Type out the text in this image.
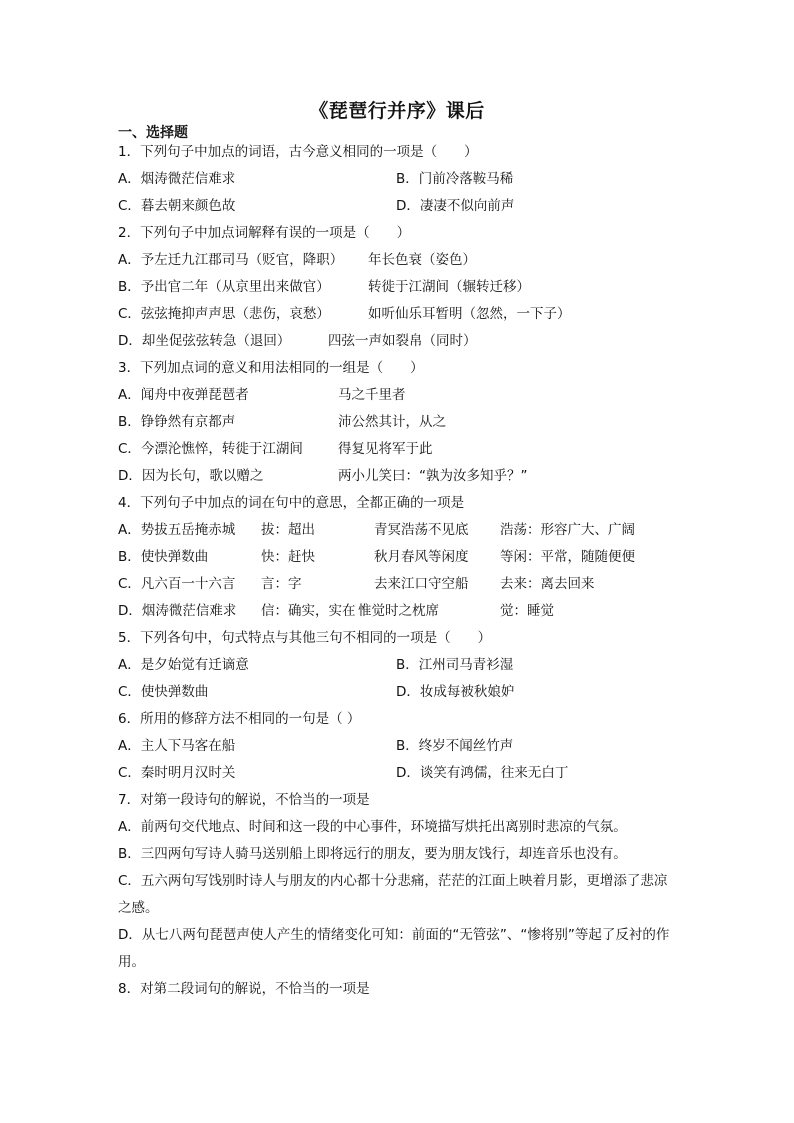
《琵琶行并序》课后
一、选择题
1．下列句子中加点的词语，古今意义相同的一项是（　　）
A．烟涛微茫信难求	B．门前冷落鞍马稀
C．暮去朝来颜色故	D．凄凄不似向前声
2．下列句子中加点词解释有误的一项是（　　）
A．予左迁九江郡司马（贬官，降职） 年长色衰（姿色）
B．予出官二年（从京里出来做官）	转徙于江湖间（辗转迁移）
C．弦弦掩抑声声思（悲伤，哀愁）	如听仙乐耳暂明（忽然，一下子）
D．却坐促弦弦转急（退回）	四弦一声如裂帛（同时）
3．下列加点词的意义和用法相同的一组是（　　）
A．闻舟中夜弹琵琶者	马之千里者
B．铮铮然有京都声	沛公然其计，从之
C．今漂沦憔悴，转徙于江湖间	得复见将军于此
D．因为长句，歌以赠之	两小儿笑曰：“孰为汝多知乎？”
4．下列句子中加点的词在句中的意思，全都正确的一项是
A．势拔五岳掩赤城 拔：超出	青冥浩荡不见底 浩荡：形容广大、广阔
B．使快弹数曲	快：赶快	秋月春风等闲度 等闲：平常，随随便便
C．凡六百一十六言 言：字	去来江口守空船 去来：离去回来
D．烟涛微茫信难求 信：确实，实在 惟觉时之枕席	觉：睡觉
5．下列各句中，句式特点与其他三句不相同的一项是（　　）
A．是夕始觉有迁谪意	B．江州司马青衫湿
C．使快弹数曲	D．妆成每被秋娘妒
6．所用的修辞方法不相同的一句是（ ）
A．主人下马客在船	B．终岁不闻丝竹声
C．秦时明月汉时关	D．谈笑有鸿儒，往来无白丁
7．对第一段诗句的解说，不恰当的一项是
A．前两句交代地点、时间和这一段的中心事件，环境描写烘托出离别时悲凉的气氛。
B．三四两句写诗人骑马送别船上即将远行的朋友，要为朋友饯行，却连音乐也没有。
C．五六两句写饯别时诗人与朋友的内心都十分悲痛，茫茫的江面上映着月影，更增添了悲凉之感。
D．从七八两句琵琶声使人产生的情绪变化可知：前面的“无管弦”、“惨将别”等起了反衬的作用。
8．对第二段词句的解说，不恰当的一项是
